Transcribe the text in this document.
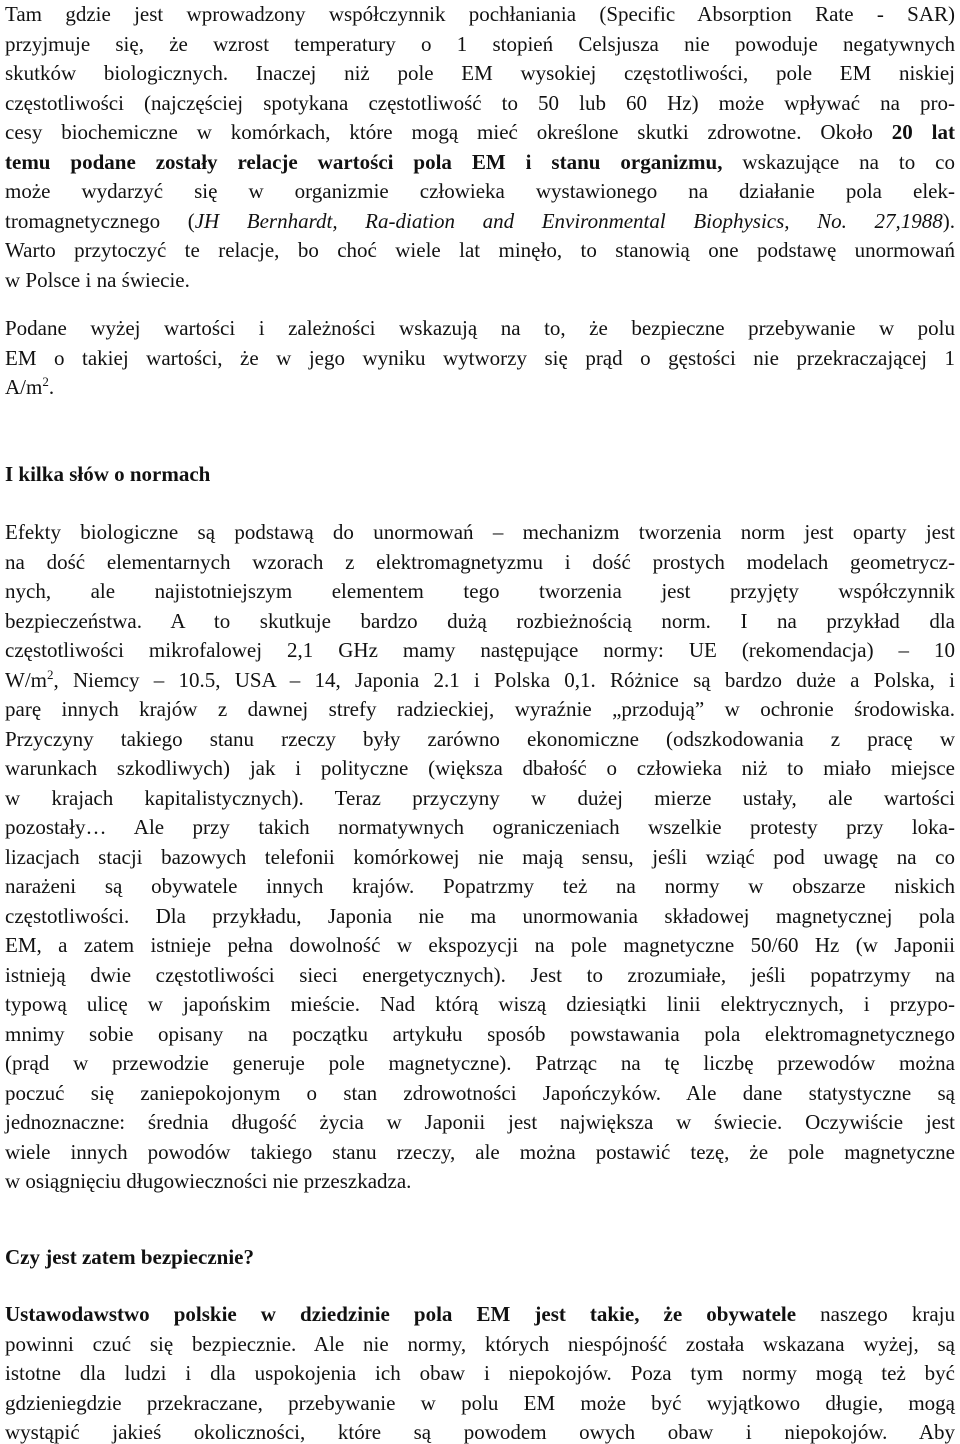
Tam gdzie jest wprowadzony współczynnik pochłaniania (Specific Absorption Rate - SAR)
przyjmuje się, że wzrost temperatury o 1 stopień Celsjusza nie powoduje negatywnych
skutków biologicznych. Inaczej niż pole EM wysokiej częstotliwości, pole EM niskiej
częstotliwości (najczęściej spotykana częstotliwość to 50 lub 60 Hz) może wpływać na pro-
cesy biochemiczne w komórkach, które mogą mieć określone skutki zdrowotne. Około 20 lat
temu podane zostały relacje wartości pola EM i stanu organizmu, wskazujące na to co
może wydarzyć się w organizmie człowieka wystawionego na działanie pola elek-
tromagnetycznego (JH Bernhardt, Ra-diation and Environmental Biophysics, No. 27,1988).
Warto przytoczyć te relacje, bo choć wiele lat minęło, to stanowią one podstawę unormowań
w Polsce i na świecie.
Podane wyżej wartości i zależności wskazują na to, że bezpieczne przebywanie w polu
EM o takiej wartości, że w jego wyniku wytworzy się prąd o gęstości nie przekraczającej 1
$A/m^2$.
I kilka słów o normach
Efekty biologiczne są podstawą do unormowań – mechanizm tworzenia norm jest oparty jest
na dość elementarnych wzorach z elektromagnetyzmu i dość prostych modelach geometrycz-
nych, ale najistotniejszym elementem tego tworzenia jest przyjęty współczynnik
bezpieczeństwa. A to skutkuje bardzo dużą rozbieżnością norm. I na przykład dla
częstotliwości mikrofalowej 2,1 GHz mamy następujące normy: UE (rekomendacja) – 10
$W/m^2$, Niemcy – 10.5, USA – 14, Japonia 2.1 i Polska 0,1. Różnice są bardzo duże a Polska, i
parę innych krajów z dawnej strefy radzieckiej, wyraźnie „przodują” w ochronie środowiska.
Przyczyny takiego stanu rzeczy były zarówno ekonomiczne (odszkodowania z pracę w
warunkach szkodliwych) jak i polityczne (większa dbałość o człowieka niż to miało miejsce
w krajach kapitalistycznych). Teraz przyczyny w dużej mierze ustały, ale wartości
pozostały… Ale przy takich normatywnych ograniczeniach wszelkie protesty przy loka-
lizacjach stacji bazowych telefonii komórkowej nie mają sensu, jeśli wziąć pod uwagę na co
narażeni są obywatele innych krajów. Popatrzmy też na normy w obszarze niskich
częstotliwości. Dla przykładu, Japonia nie ma unormowania składowej magnetycznej pola
EM, a zatem istnieje pełna dowolność w ekspozycji na pole magnetyczne 50/60 Hz (w Japonii
istnieją dwie częstotliwości sieci energetycznych). Jest to zrozumiałe, jeśli popatrzymy na
typową ulicę w japońskim mieście. Nad którą wiszą dziesiątki linii elektrycznych, i przypo-
mnimy sobie opisany na początku artykułu sposób powstawania pola elektromagnetycznego
(prąd w przewodzie generuje pole magnetyczne). Patrząc na tę liczbę przewodów można
poczuć się zaniepokojonym o stan zdrowotności Japończyków. Ale dane statystyczne są
jednoznaczne: średnia długość życia w Japonii jest największa w świecie. Oczywiście jest
wiele innych powodów takiego stanu rzeczy, ale można postawić tezę, że pole magnetyczne
w osiągnięciu długowieczności nie przeszkadza.
Czy jest zatem bezpiecznie?
Ustawodawstwo polskie w dziedzinie pola EM jest takie, że obywatele naszego kraju
powinni czuć się bezpiecznie. Ale nie normy, których niespójność została wskazana wyżej, są
istotne dla ludzi i dla uspokojenia ich obaw i niepokojów. Poza tym normy mogą też być
gdzieniegdzie przekraczane, przebywanie w polu EM może być wyjątkowo długie, mogą
wystąpić jakieś okoliczności, które są powodem owych obaw i niepokojów. Aby
